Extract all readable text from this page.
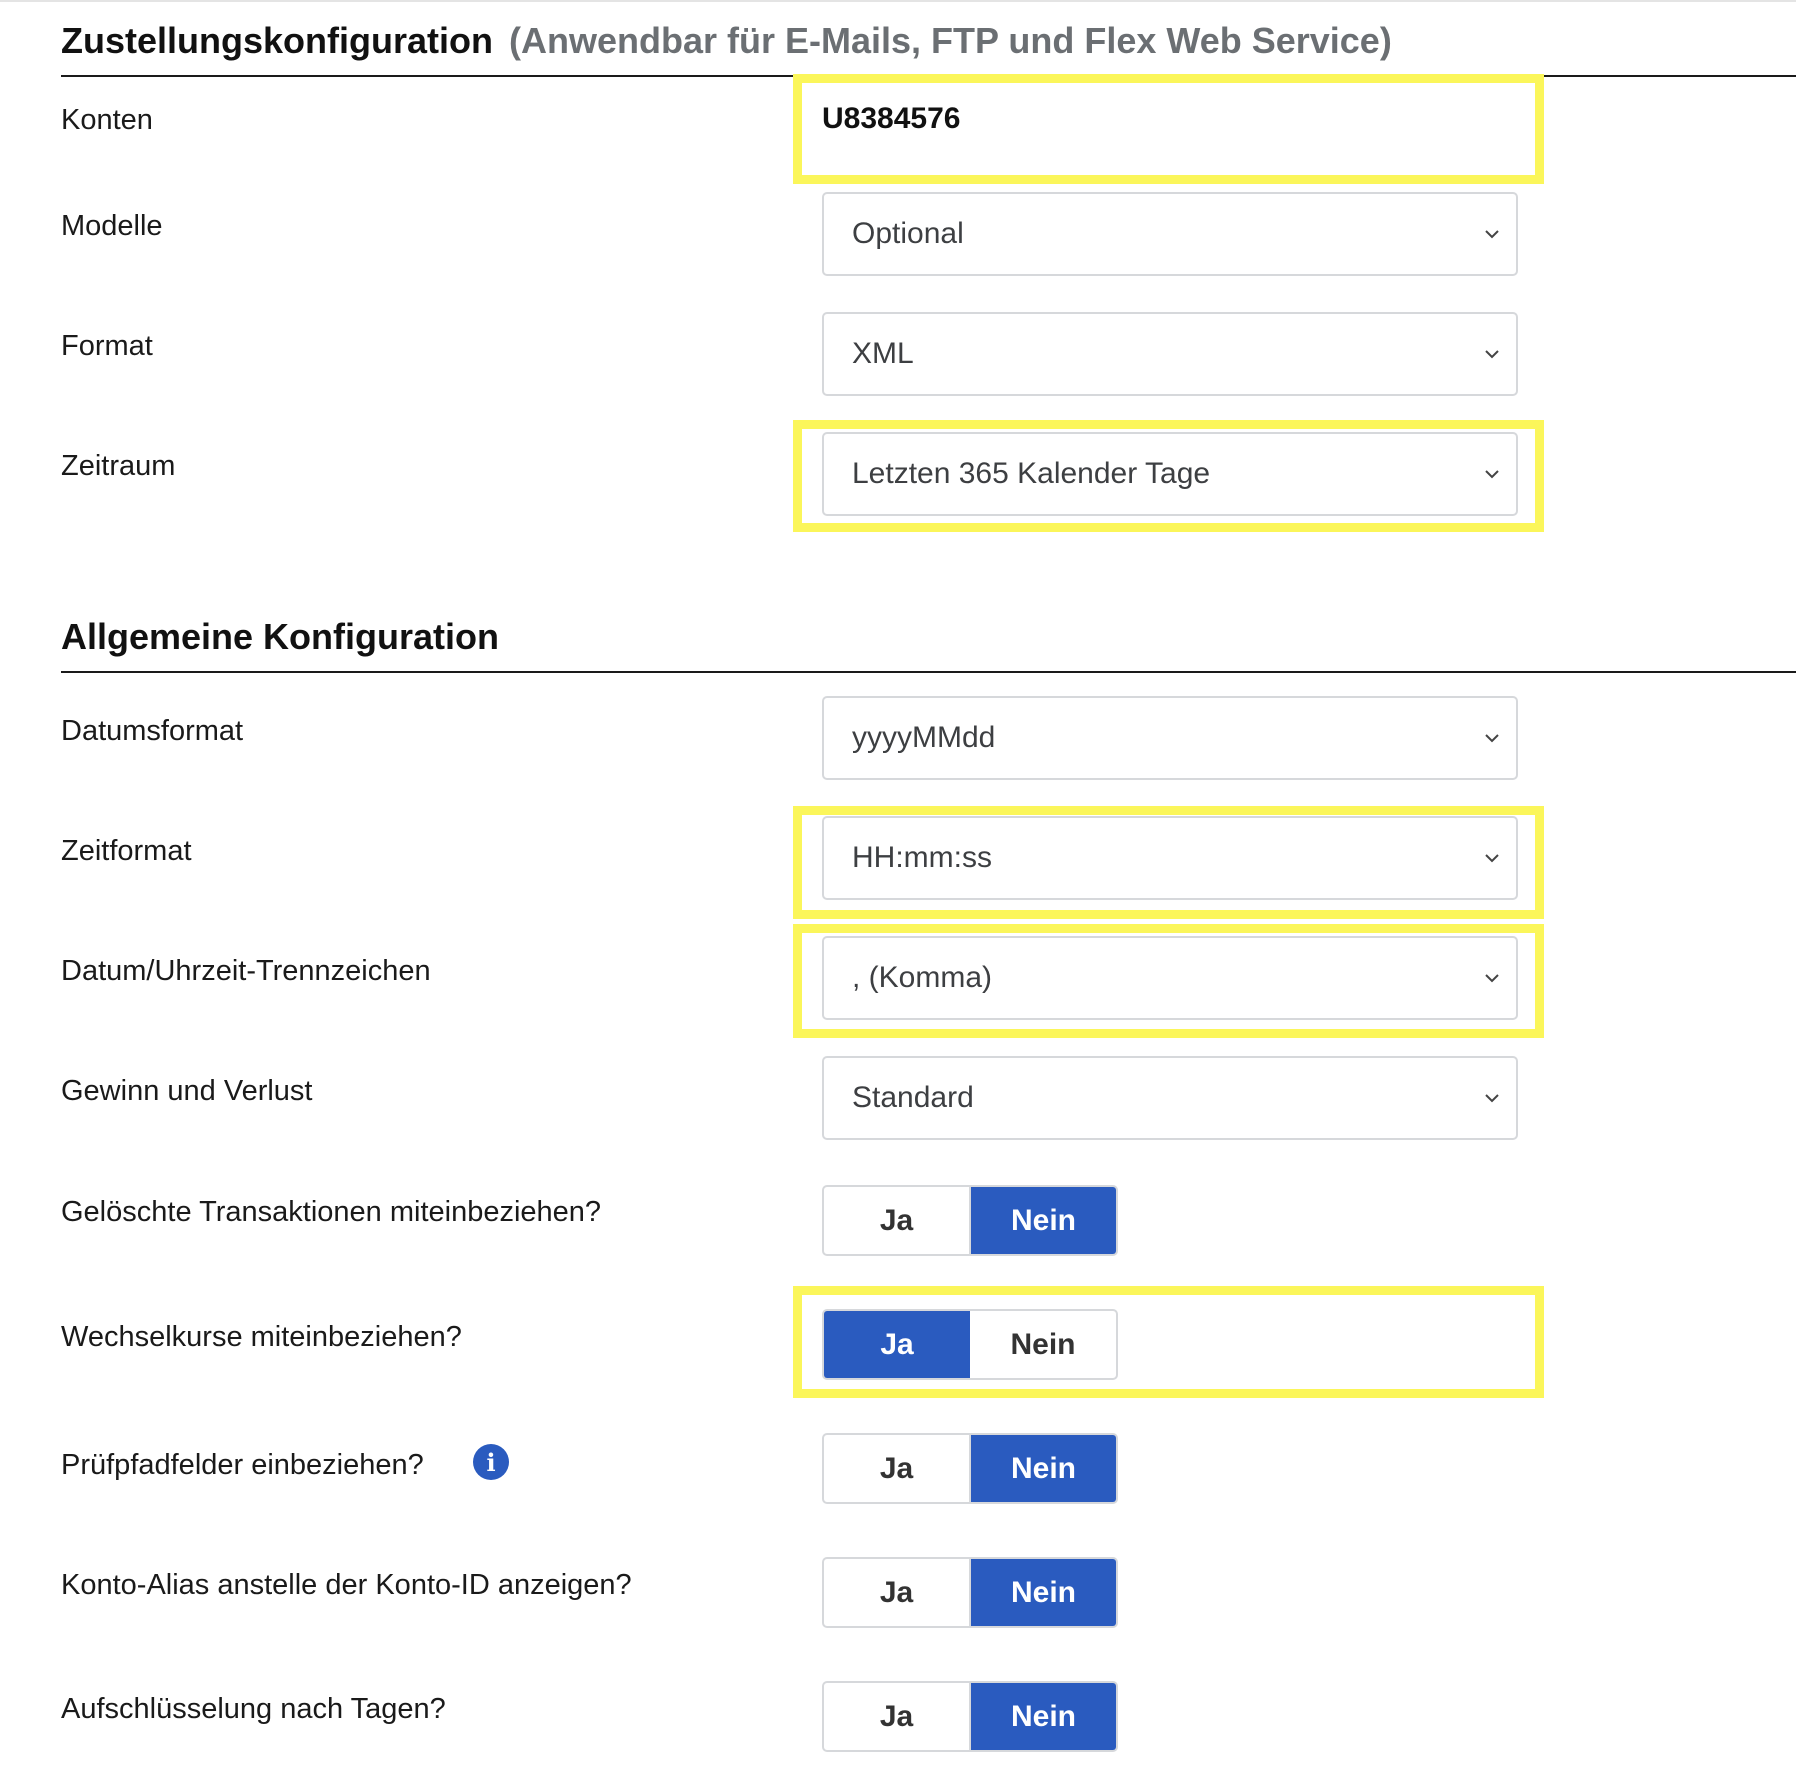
Zustellungskonfiguration (Anwendbar für E-Mails, FTP und Flex Web Service)
Konten	U8384576
Modelle	Optional
Format	XML
Zeitraum	Letzten 365 Kalender Tage
Allgemeine Konfiguration
Datumsformat	yyyyMMdd
Zeitformat	HH:mm:ss
Datum/Uhrzeit-Trennzeichen	, (Komma)
Gewinn und Verlust	Standard
Gelöschte Transaktionen miteinbeziehen?	Ja	Nein
Wechselkurse miteinbeziehen?	Ja	Nein
Prüfpfadfelder einbeziehen?	i	Ja	Nein
Konto-Alias anstelle der Konto-ID anzeigen?	Ja	Nein
Aufschlüsselung nach Tagen?	Ja	Nein
